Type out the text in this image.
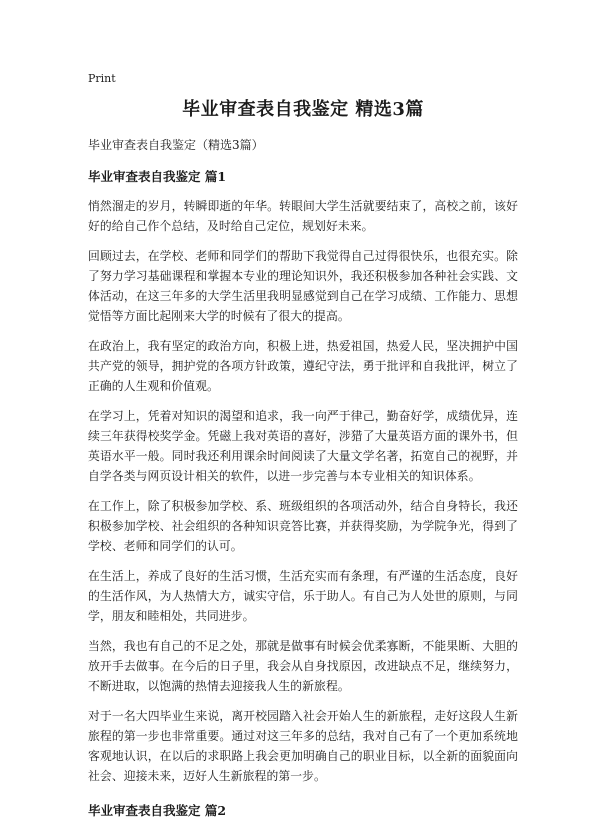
Print

毕业审查表自我鉴定 精选3篇

毕业审查表自我鉴定（精选3篇）

毕业审查表自我鉴定 篇1

悄然溜走的岁月，转瞬即逝的年华。转眼间大学生活就要结束了，高校之前，该好好的给自己作个总结，及时给自己定位，规划好未来。

回顾过去，在学校、老师和同学们的帮助下我觉得自己过得很快乐，也很充实。除了努力学习基础课程和掌握本专业的理论知识外，我还积极参加各种社会实践、文体活动，在这三年多的大学生活里我明显感觉到自己在学习成绩、工作能力、思想觉悟等方面比起刚来大学的时候有了很大的提高。

在政治上，我有坚定的政治方向，积极上进，热爱祖国，热爱人民，坚决拥护中国共产党的领导，拥护党的各项方针政策，遵纪守法，勇于批评和自我批评，树立了正确的人生观和价值观。

在学习上，凭着对知识的渴望和追求，我一向严于律己，勤奋好学，成绩优异，连续三年获得校奖学金。凭磁上我对英语的喜好，涉猎了大量英语方面的课外书，但英语水平一般。同时我还利用课余时间阅读了大量文学名著，拓宽自己的视野，并自学各类与网页设计相关的软件，以进一步完善与本专业相关的知识体系。

在工作上，除了积极参加学校、系、班级组织的各项活动外，结合自身特长，我还积极参加学校、社会组织的各种知识竞答比赛，并获得奖励，为学院争光，得到了学校、老师和同学们的认可。

在生活上，养成了良好的生活习惯，生活充实而有条理，有严谨的生活态度，良好的生活作风，为人热情大方，诚实守信，乐于助人。有自己为人处世的原则，与同学，朋友和睦相处，共同进步。

当然，我也有自己的不足之处，那就是做事有时候会优柔寡断，不能果断、大胆的放开手去做事。在今后的日子里，我会从自身找原因，改进缺点不足，继续努力，不断进取，以饱满的热情去迎接我人生的新旅程。

对于一名大四毕业生来说，离开校园踏入社会开始人生的新旅程，走好这段人生新旅程的第一步也非常重要。通过对这三年多的总结，我对自己有了一个更加系统地客观地认识，在以后的求职路上我会更加明确自己的职业目标，以全新的面貌面向社会、迎接未来，迈好人生新旅程的第一步。

毕业审查表自我鉴定 篇2
